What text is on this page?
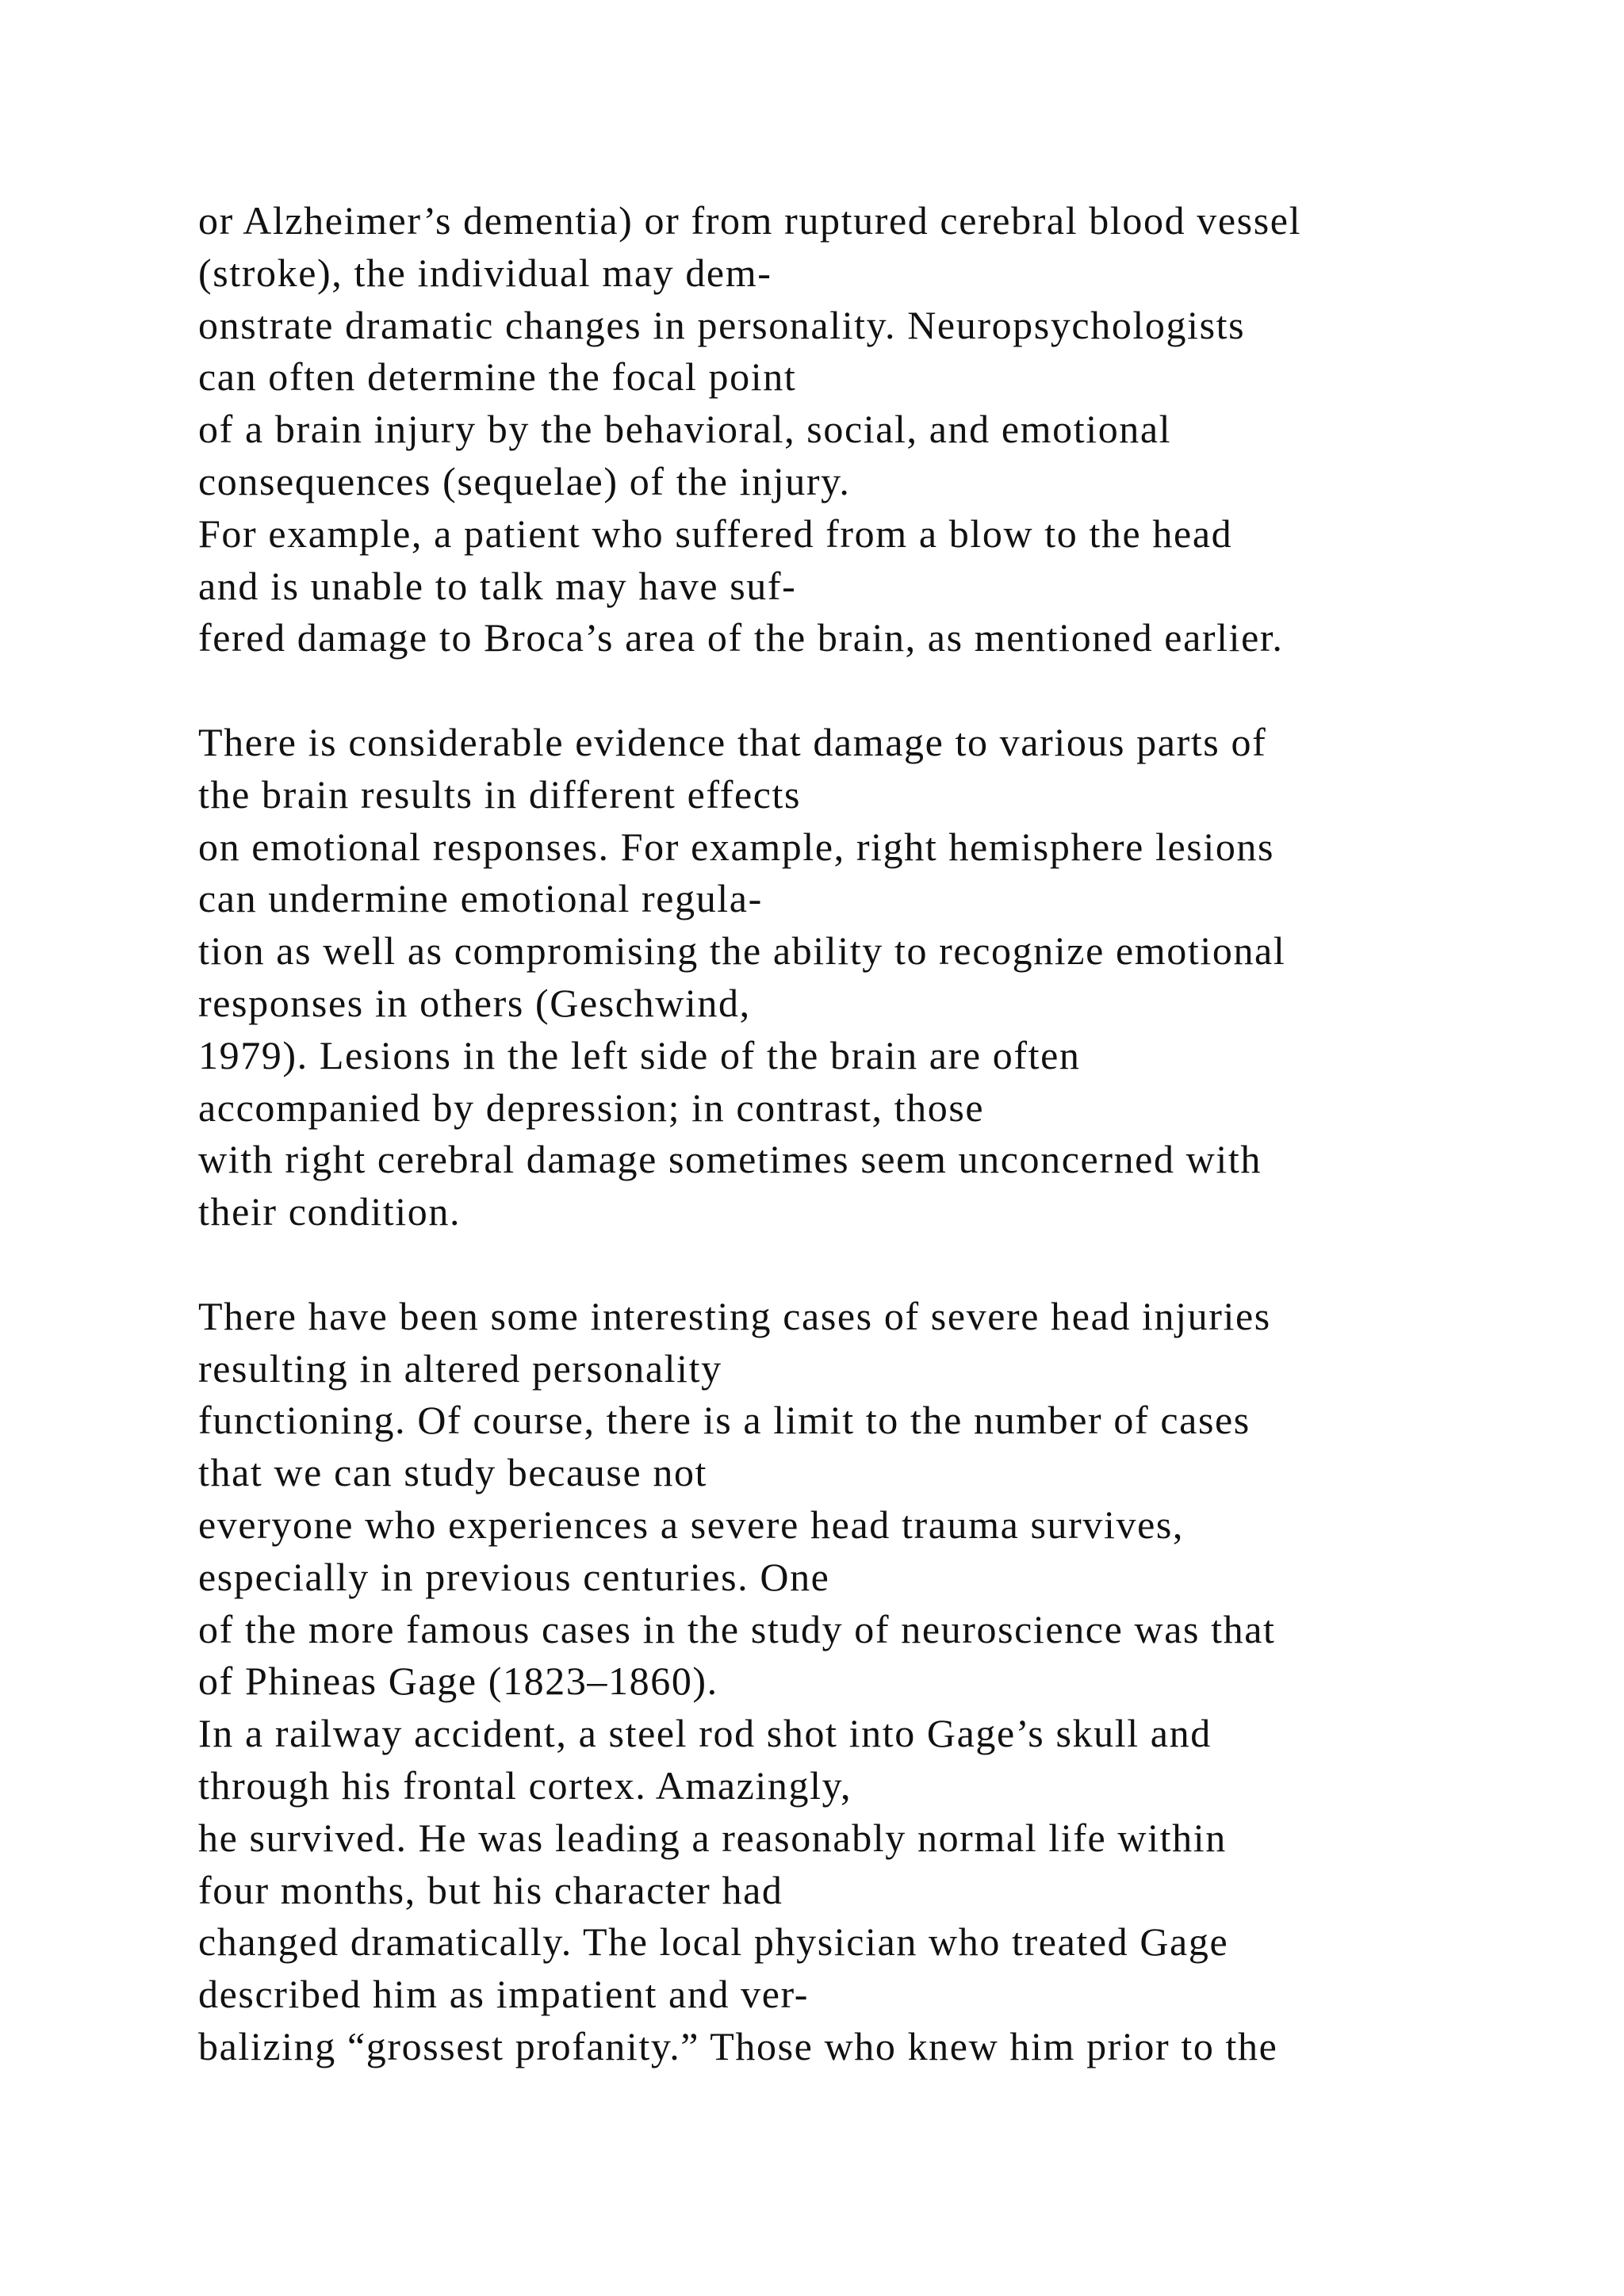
or Alzheimer’s dementia) or from ruptured cerebral blood vessel
(stroke), the individual may dem-
onstrate dramatic changes in personality. Neuropsychologists
can often determine the focal point
of a brain injury by the behavioral, social, and emotional
consequences (sequelae) of the injury.
For example, a patient who suffered from a blow to the head
and is unable to talk may have suf-
fered damage to Broca’s area of the brain, as mentioned earlier.
There is considerable evidence that damage to various parts of
the brain results in different effects
on emotional responses. For example, right hemisphere lesions
can undermine emotional regula-
tion as well as compromising the ability to recognize emotional
responses in others (Geschwind,
1979). Lesions in the left side of the brain are often
accompanied by depression; in contrast, those
with right cerebral damage sometimes seem unconcerned with
their condition.
There have been some interesting cases of severe head injuries
resulting in altered personality
functioning. Of course, there is a limit to the number of cases
that we can study because not
everyone who experiences a severe head trauma survives,
especially in previous centuries. One
of the more famous cases in the study of neuroscience was that
of Phineas Gage (1823–1860).
In a railway accident, a steel rod shot into Gage’s skull and
through his frontal cortex. Amazingly,
he survived. He was leading a reasonably normal life within
four months, but his character had
changed dramatically. The local physician who treated Gage
described him as impatient and ver-
balizing “grossest profanity.” Those who knew him prior to the
